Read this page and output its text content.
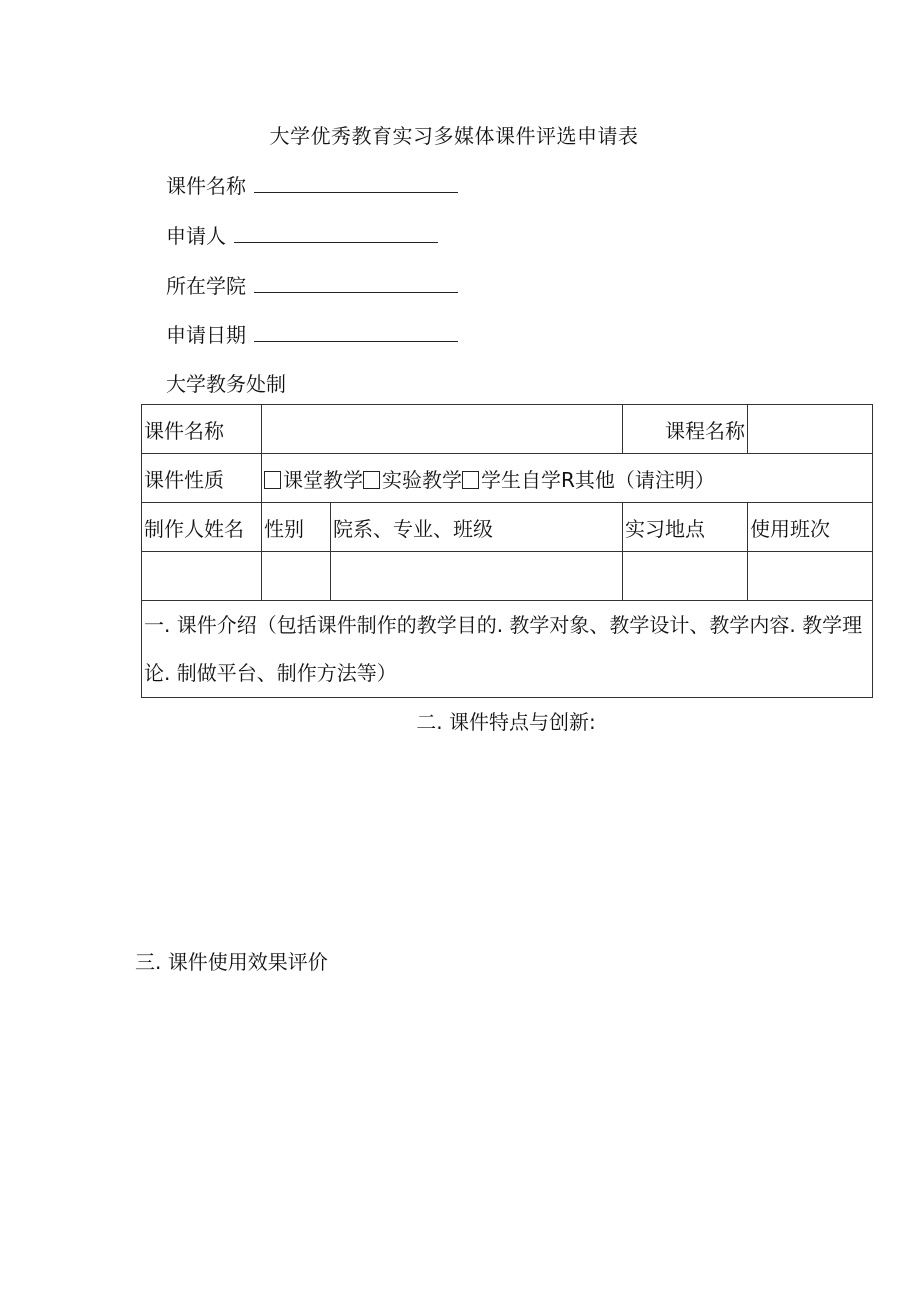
大学优秀教育实习多媒体课件评选申请表
课件名称
申请人
所在学院
申请日期
大学教务处制
课件名称			课程名称	
课件性质	课堂教学 实验教学 学生自学R其他（请注明）			
制作人姓名	性别	院系、专业、班级	实习地点	使用班次

一. 课件介绍（包括课件制作的教学目的. 教学对象、教学设计、教学内容. 教学理论. 制做平台、制作方法等）				
二. 课件特点与创新:
三. 课件使用效果评价
